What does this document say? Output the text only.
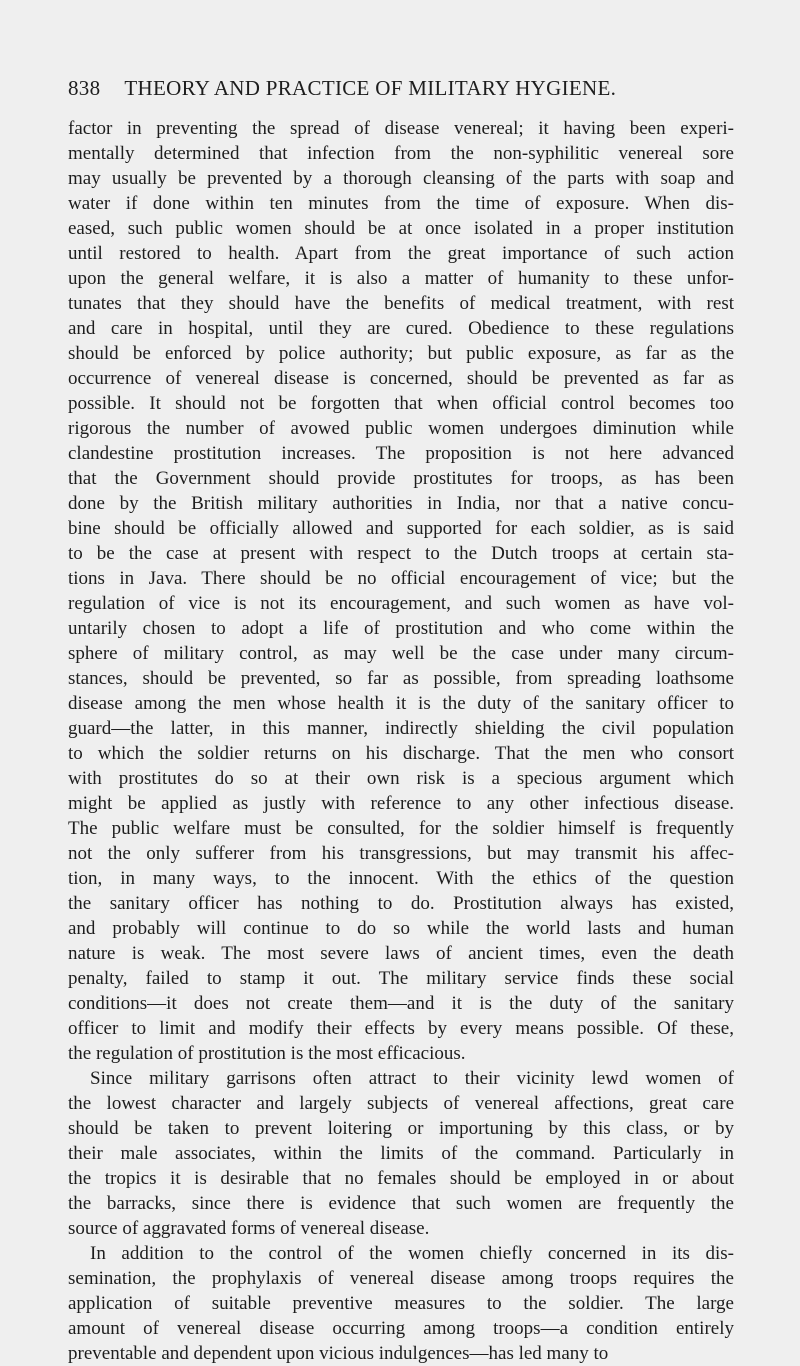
838 THEORY AND PRACTICE OF MILITARY HYGIENE.
factor in preventing the spread of disease venereal; it having been experi-
mentally determined that infection from the non-syphilitic venereal sore
may usually be prevented by a thorough cleansing of the parts with soap and
water if done within ten minutes from the time of exposure. When dis-
eased, such public women should be at once isolated in a proper institution
until restored to health. Apart from the great importance of such action
upon the general welfare, it is also a matter of humanity to these unfor-
tunates that they should have the benefits of medical treatment, with rest
and care in hospital, until they are cured. Obedience to these regulations
should be enforced by police authority; but public exposure, as far as the
occurrence of venereal disease is concerned, should be prevented as far as
possible. It should not be forgotten that when official control becomes too
rigorous the number of avowed public women undergoes diminution while
clandestine prostitution increases. The proposition is not here advanced
that the Government should provide prostitutes for troops, as has been
done by the British military authorities in India, nor that a native concu-
bine should be officially allowed and supported for each soldier, as is said
to be the case at present with respect to the Dutch troops at certain sta-
tions in Java. There should be no official encouragement of vice; but the
regulation of vice is not its encouragement, and such women as have vol-
untarily chosen to adopt a life of prostitution and who come within the
sphere of military control, as may well be the case under many circum-
stances, should be prevented, so far as possible, from spreading loathsome
disease among the men whose health it is the duty of the sanitary officer to
guard—the latter, in this manner, indirectly shielding the civil population
to which the soldier returns on his discharge. That the men who consort
with prostitutes do so at their own risk is a specious argument which
might be applied as justly with reference to any other infectious disease.
The public welfare must be consulted, for the soldier himself is frequently
not the only sufferer from his transgressions, but may transmit his affec-
tion, in many ways, to the innocent. With the ethics of the question
the sanitary officer has nothing to do. Prostitution always has existed,
and probably will continue to do so while the world lasts and human
nature is weak. The most severe laws of ancient times, even the death
penalty, failed to stamp it out. The military service finds these social
conditions—it does not create them—and it is the duty of the sanitary
officer to limit and modify their effects by every means possible. Of these,
the regulation of prostitution is the most efficacious.
Since military garrisons often attract to their vicinity lewd women of
the lowest character and largely subjects of venereal affections, great care
should be taken to prevent loitering or importuning by this class, or by
their male associates, within the limits of the command. Particularly in
the tropics it is desirable that no females should be employed in or about
the barracks, since there is evidence that such women are frequently the
source of aggravated forms of venereal disease.
In addition to the control of the women chiefly concerned in its dis-
semination, the prophylaxis of venereal disease among troops requires the
application of suitable preventive measures to the soldier. The large
amount of venereal disease occurring among troops—a condition entirely
preventable and dependent upon vicious indulgences—has led many to
